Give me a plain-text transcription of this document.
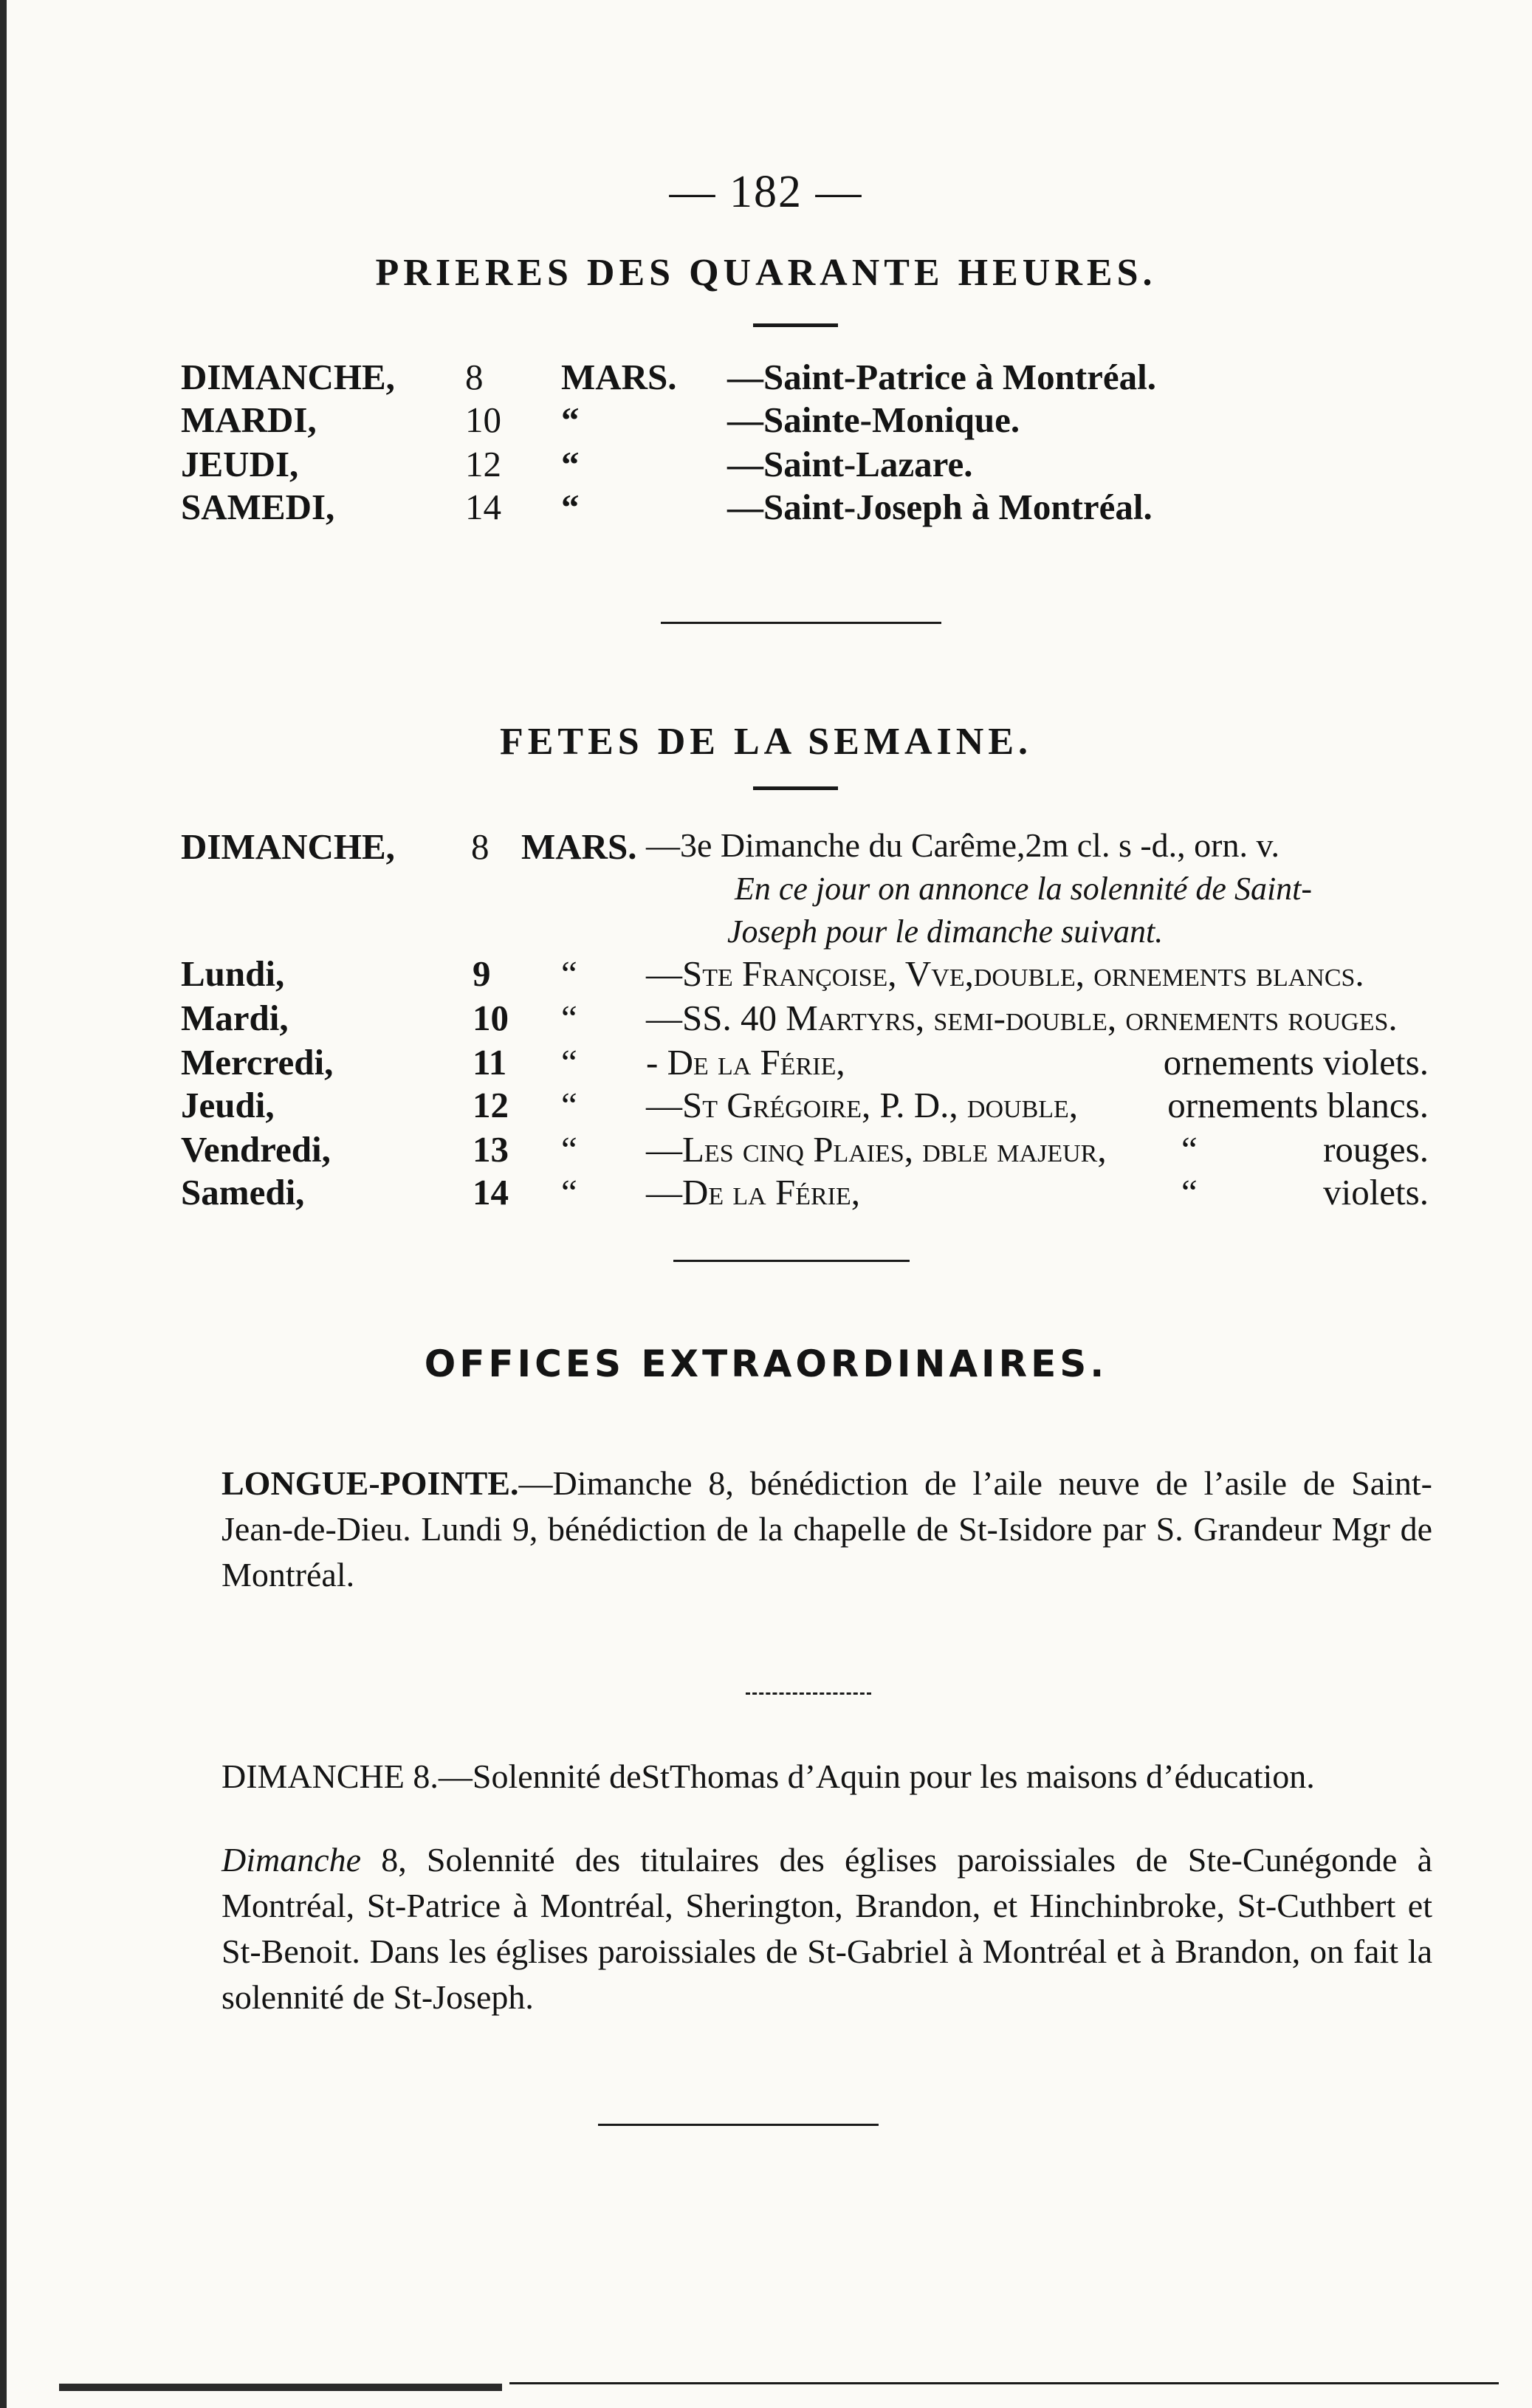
— 182 —
PRIERES DES QUARANTE HEURES.
DIMANCHE, 8 MARS. —Saint-Patrice à Montréal.
MARDI,	10 “	—Sainte-Monique.
JEUDI,	12 “	—Saint-Lazare.
SAMEDI,	14 “	—Saint-Joseph à Montréal.
FETES DE LA SEMAINE.
DIMANCHE, 8 MARS. —3e Dimanche du Carême,2m cl. s -d., orn. v.
En ce jour on annonce la solennité de Saint-
Joseph pour le dimanche suivant.
Lundi,	9 “ —Ste Françoise, Vve,double, ornements blancs.
Mardi,	10 “ —SS. 40 Martyrs, semi-double, ornements rouges.
Mercredi,	11 “ - De la Férie,	ornements violets.
Jeudi,	12 “ —St Grégoire, P. D., double, ornements blancs.
Vendredi,	13 “ —Les cinq Plaies, dble majeur, “	rouges.
Samedi,	14 “ —De la Férie,	“	violets.
OFFICES EXTRAORDINAIRES.
LONGUE-POINTE.—Dimanche 8, bénédiction de l’aile neuve de l’asile de Saint-Jean-de-Dieu. Lundi 9, bénédiction de la chapelle de St-Isidore par S. Grandeur Mgr de Montréal.
DIMANCHE 8.—Solennité deStThomas d’Aquin pour les maisons d’éducation.
Dimanche 8, Solennité des titulaires des églises paroissiales de Ste-Cunégonde à Montréal, St-Patrice à Montréal, Sherington, Brandon, et Hinchinbroke, St-Cuthbert et St-Benoit. Dans les églises paroissiales de St-Gabriel à Montréal et à Brandon, on fait la solennité de St-Joseph.
